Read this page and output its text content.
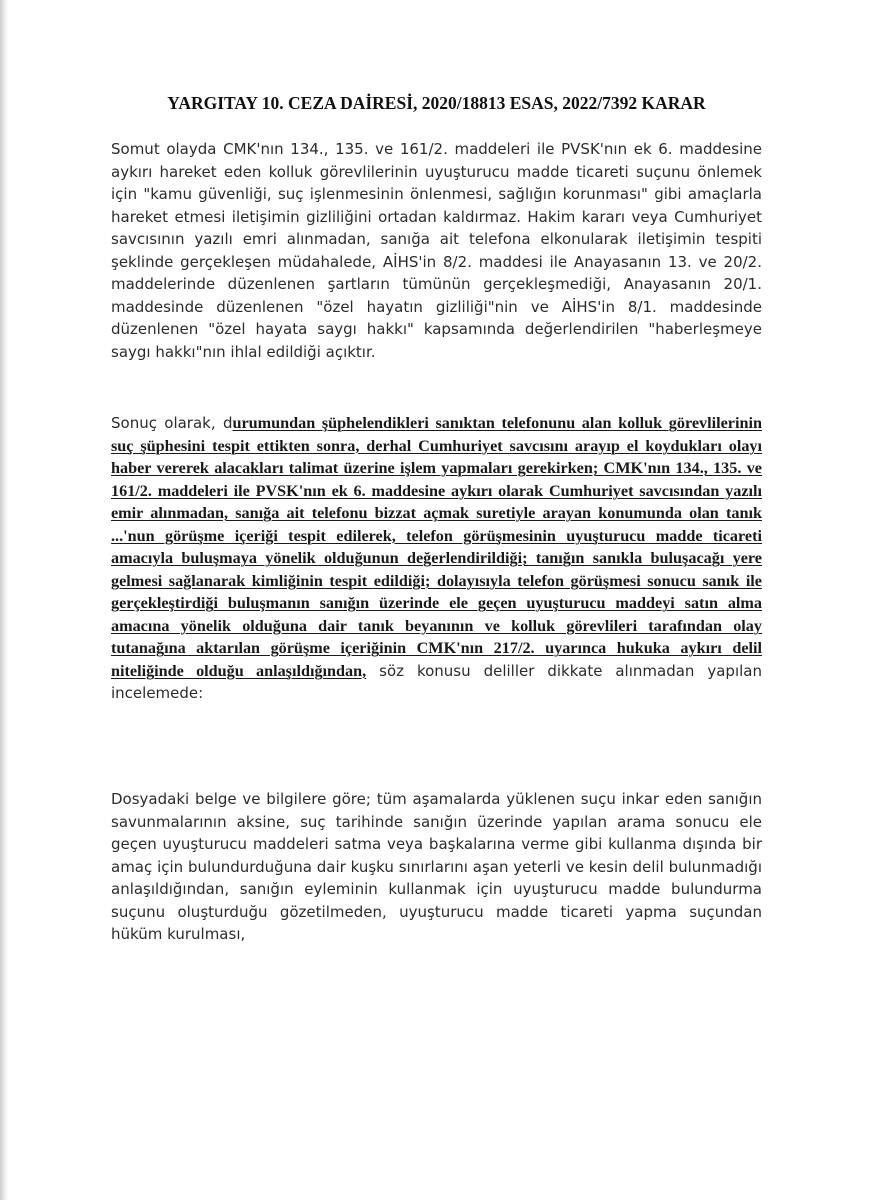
YARGITAY 10. CEZA DAİRESİ, 2020/18813 ESAS, 2022/7392 KARAR

Somut olayda CMK'nın 134., 135. ve 161/2. maddeleri ile PVSK'nın ek 6. maddesine aykırı hareket eden kolluk görevlilerinin uyuşturucu madde ticareti suçunu önlemek için "kamu güvenliği, suç işlenmesinin önlenmesi, sağlığın korunması" gibi amaçlarla hareket etmesi iletişimin gizliliğini ortadan kaldırmaz. Hakim kararı veya Cumhuriyet savcısının yazılı emri alınmadan, sanığa ait telefona elkonularak iletişimin tespiti şeklinde gerçekleşen müdahalede, AİHS'in 8/2. maddesi ile Anayasanın 13. ve 20/2. maddelerinde düzenlenen şartların tümünün gerçekleşmediği, Anayasanın 20/1. maddesinde düzenlenen "özel hayatın gizliliği"nin ve AİHS'in 8/1. maddesinde düzenlenen "özel hayata saygı hakkı" kapsamında değerlendirilen "haberleşmeye saygı hakkı"nın ihlal edildiği açıktır.

Sonuç olarak, durumundan şüphelendikleri sanıktan telefonunu alan kolluk görevlilerinin suç şüphesini tespit ettikten sonra, derhal Cumhuriyet savcısını arayıp el koydukları olayı haber vererek alacakları talimat üzerine işlem yapmaları gerekirken; CMK'nın 134., 135. ve 161/2. maddeleri ile PVSK'nın ek 6. maddesine aykırı olarak Cumhuriyet savcısından yazılı emir alınmadan, sanığa ait telefonu bizzat açmak suretiyle arayan konumunda olan tanık ...'nun görüşme içeriği tespit edilerek, telefon görüşmesinin uyuşturucu madde ticareti amacıyla buluşmaya yönelik olduğunun değerlendirildiği; tanığın sanıkla buluşacağı yere gelmesi sağlanarak kimliğinin tespit edildiği; dolayısıyla telefon görüşmesi sonucu sanık ile gerçekleştirdiği buluşmanın sanığın üzerinde ele geçen uyuşturucu maddeyi satın alma amacına yönelik olduğuna dair tanık beyanının ve kolluk görevlileri tarafından olay tutanağına aktarılan görüşme içeriğinin CMK'nın 217/2. uyarınca hukuka aykırı delil niteliğinde olduğu anlaşıldığından, söz konusu deliller dikkate alınmadan yapılan incelemede:

Dosyadaki belge ve bilgilere göre; tüm aşamalarda yüklenen suçu inkar eden sanığın savunmalarının aksine, suç tarihinde sanığın üzerinde yapılan arama sonucu ele geçen uyuşturucu maddeleri satma veya başkalarına verme gibi kullanma dışında bir amaç için bulundurduğuna dair kuşku sınırlarını aşan yeterli ve kesin delil bulunmadığı anlaşıldığından, sanığın eyleminin kullanmak için uyuşturucu madde bulundurma suçunu oluşturduğu gözetilmeden, uyuşturucu madde ticareti yapma suçundan hüküm kurulması,
